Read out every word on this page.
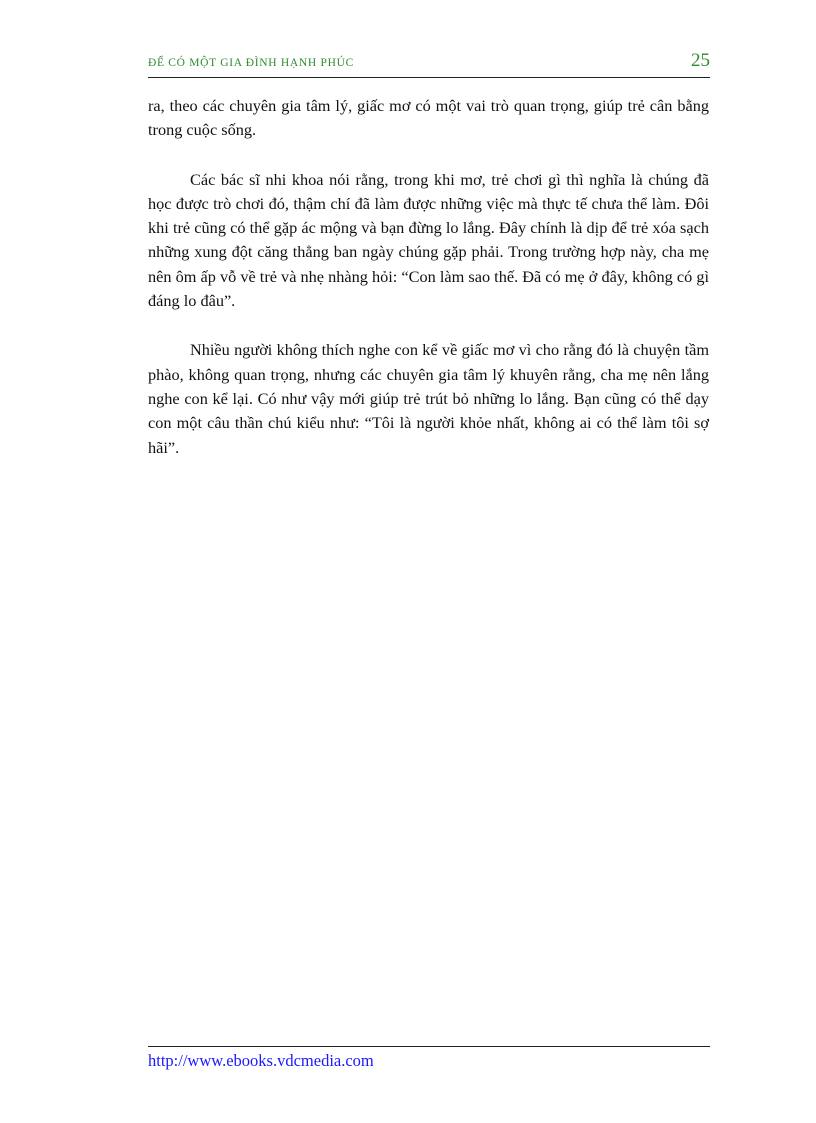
ĐỂ CÓ MỘT GIA ĐÌNH HẠNH PHÚC	25

ra, theo các chuyên gia tâm lý, giấc mơ có một vai trò quan trọng, giúp trẻ cân bằng trong cuộc sống.

Các bác sĩ nhi khoa nói rằng, trong khi mơ, trẻ chơi gì thì nghĩa là chúng đã học được trò chơi đó, thậm chí đã làm được những việc mà thực tế chưa thể làm. Đôi khi trẻ cũng có thể gặp ác mộng và bạn đừng lo lắng. Đây chính là dịp để trẻ xóa sạch những xung đột căng thẳng ban ngày chúng gặp phải. Trong trường hợp này, cha mẹ nên ôm ấp vỗ về trẻ và nhẹ nhàng hỏi: “Con làm sao thế. Đã có mẹ ở đây, không có gì đáng lo đâu”.

Nhiều người không thích nghe con kể về giấc mơ vì cho rằng đó là chuyện tầm phào, không quan trọng, nhưng các chuyên gia tâm lý khuyên rằng, cha mẹ nên lắng nghe con kể lại. Có như vậy mới giúp trẻ trút bỏ những lo lắng. Bạn cũng có thể dạy con một câu thần chú kiểu như: “Tôi là người khỏe nhất, không ai có thể làm tôi sợ hãi”.

http://www.ebooks.vdcmedia.com
